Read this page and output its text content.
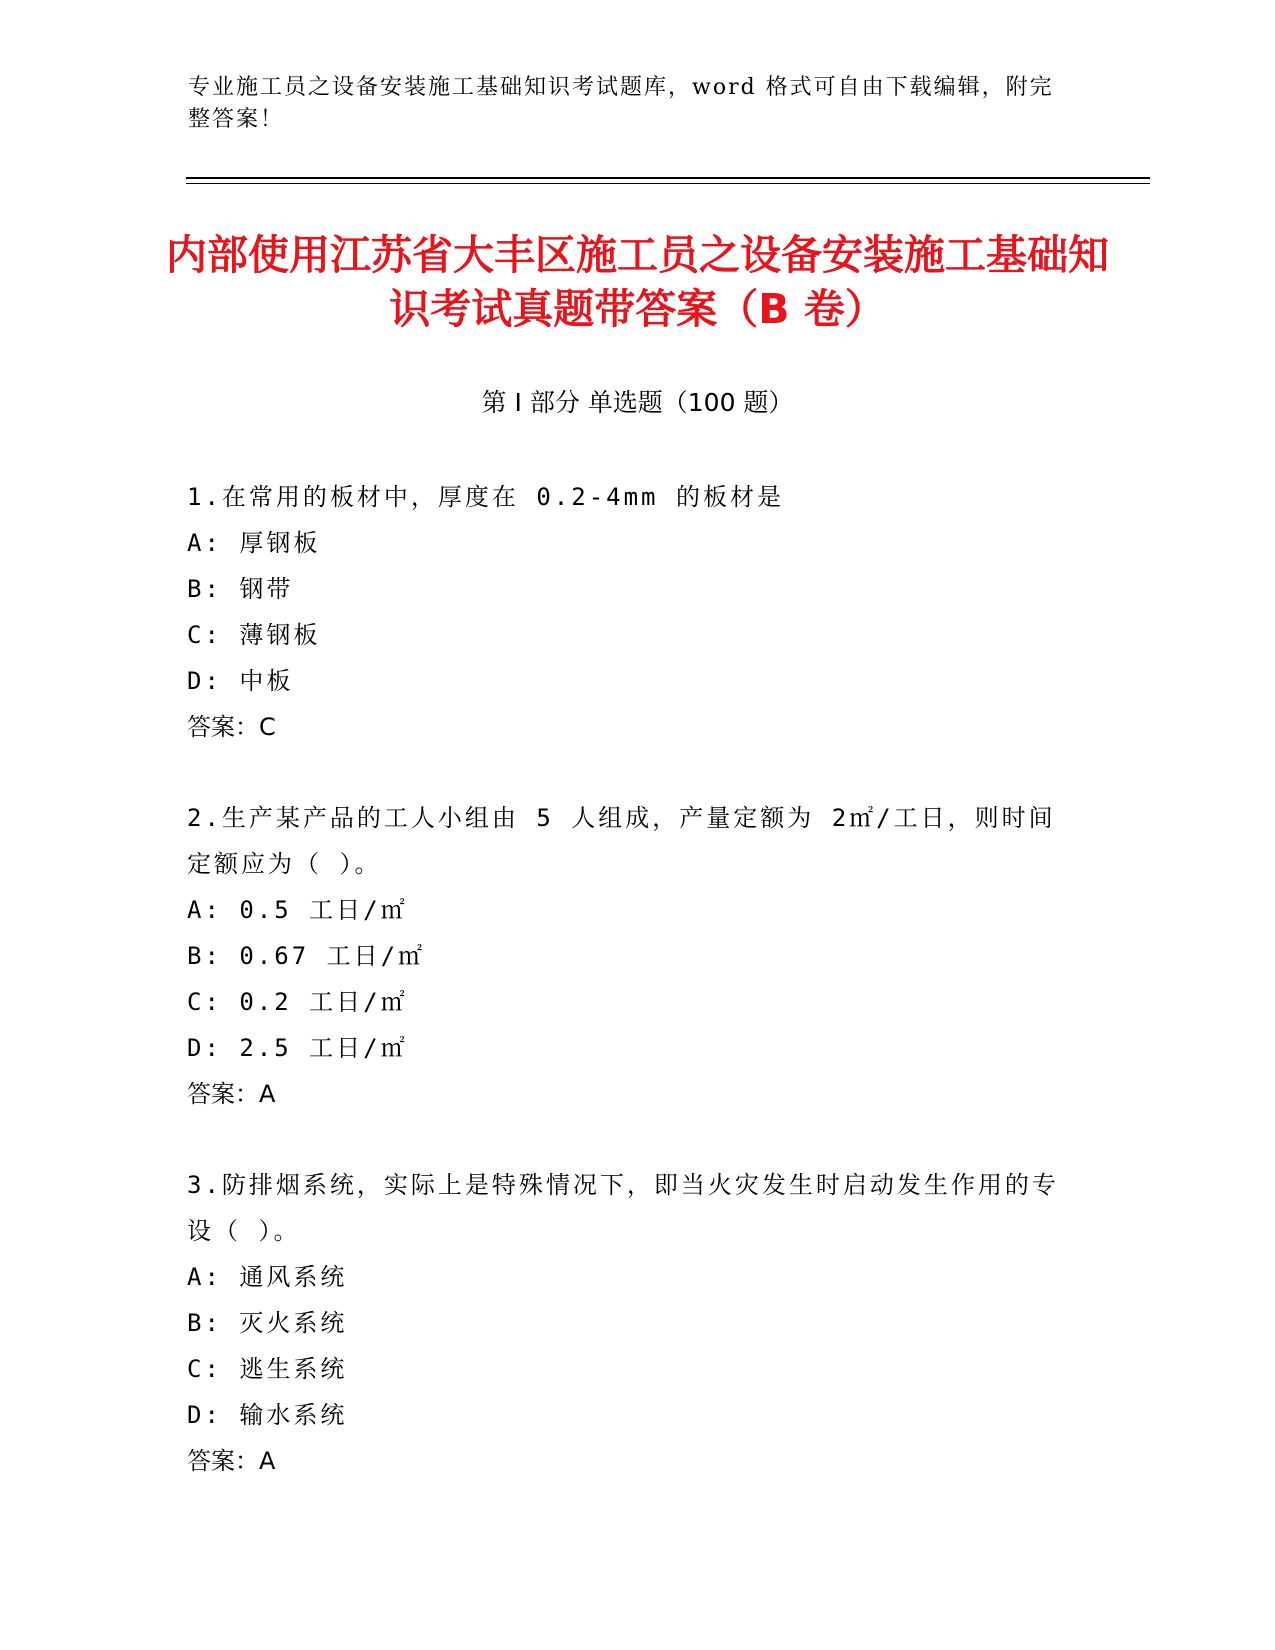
专业施工员之设备安装施工基础知识考试题库，word 格式可自由下载编辑，附完整答案！

内部使用江苏省大丰区施工员之设备安装施工基础知识考试真题带答案（B 卷）
第 I 部分 单选题（100 题）

1.在常用的板材中，厚度在 0.2-4mm 的板材是

A: 厚钢板

B: 钢带

C: 薄钢板

D: 中板

答案：C

2.生产某产品的工人小组由 5 人组成，产量定额为 2㎡/工日，则时间定额应为（ ）。

A: 0.5 工日/㎡

B: 0.67 工日/㎡

C: 0.2 工日/㎡

D: 2.5 工日/㎡

答案：A

3.防排烟系统，实际上是特殊情况下，即当火灾发生时启动发生作用的专设（ ）。

A: 通风系统

B: 灭火系统

C: 逃生系统

D: 输水系统

答案：A
